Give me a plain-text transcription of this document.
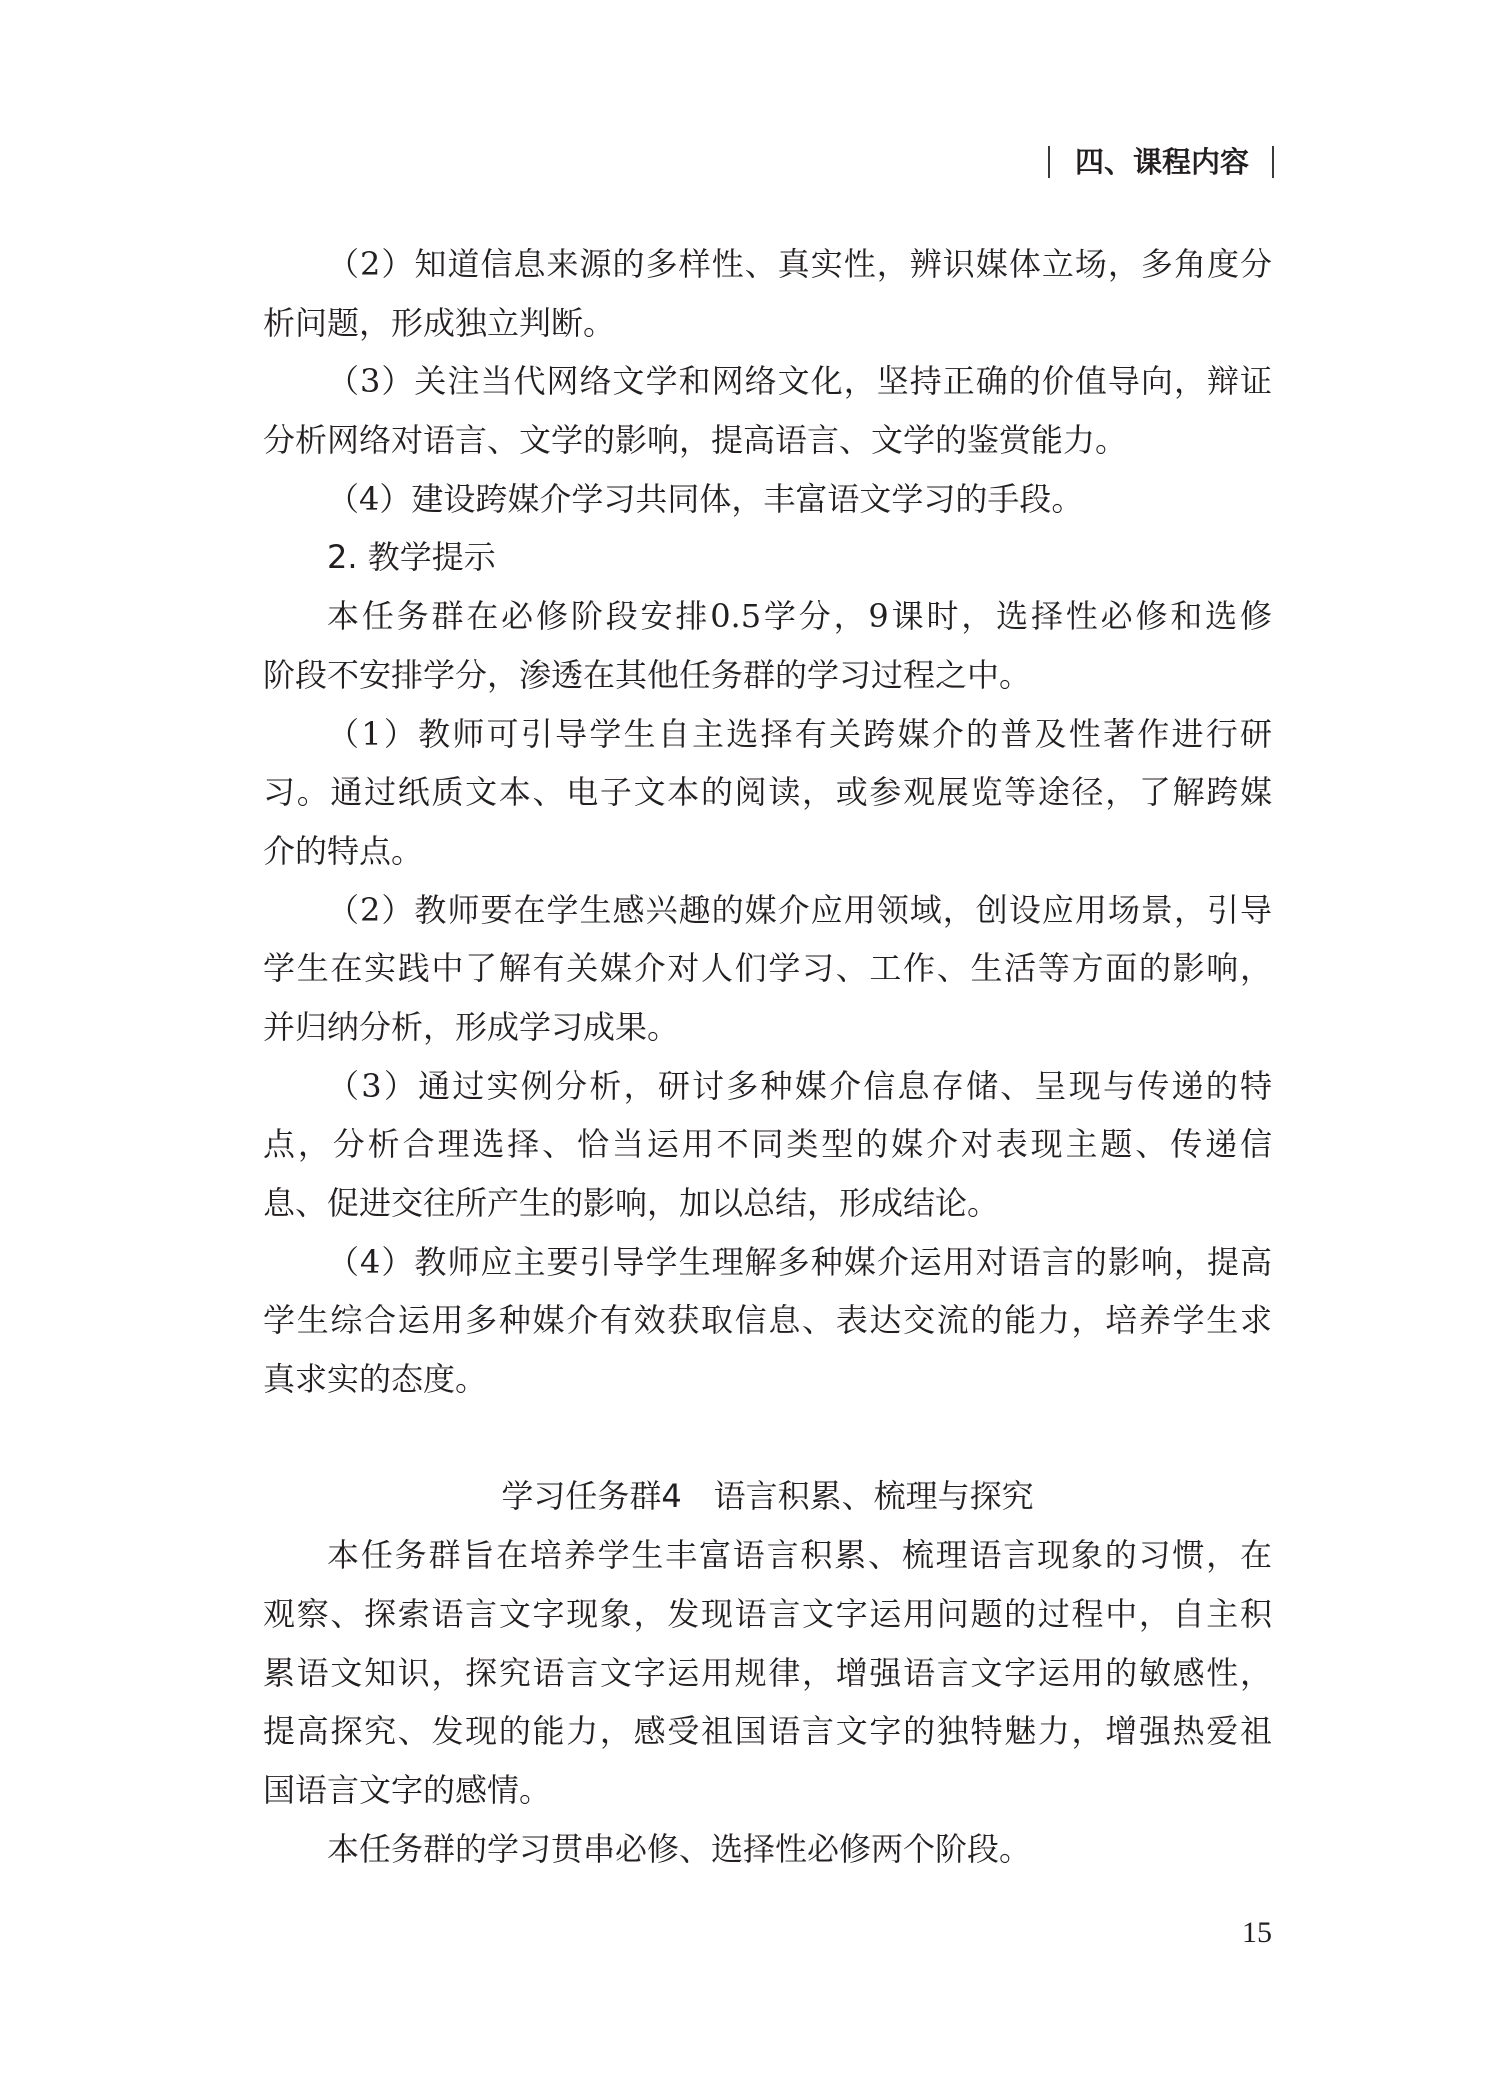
四、课程内容
（2）知道信息来源的多样性、真实性，辨识媒体立场，多角度分
析问题，形成独立判断。
（3）关注当代网络文学和网络文化，坚持正确的价值导向，辩证
分析网络对语言、文学的影响，提高语言、文学的鉴赏能力。
（4）建设跨媒介学习共同体，丰富语文学习的手段。
2. 教学提示
本任务群在必修阶段安排0.5学分，9课时，选择性必修和选修
阶段不安排学分，渗透在其他任务群的学习过程之中。
（1）教师可引导学生自主选择有关跨媒介的普及性著作进行研
习。通过纸质文本、电子文本的阅读，或参观展览等途径，了解跨媒
介的特点。
（2）教师要在学生感兴趣的媒介应用领域，创设应用场景，引导
学生在实践中了解有关媒介对人们学习、工作、生活等方面的影响，
并归纳分析，形成学习成果。
（3）通过实例分析，研讨多种媒介信息存储、呈现与传递的特
点，分析合理选择、恰当运用不同类型的媒介对表现主题、传递信
息、促进交往所产生的影响，加以总结，形成结论。
（4）教师应主要引导学生理解多种媒介运用对语言的影响，提高
学生综合运用多种媒介有效获取信息、表达交流的能力，培养学生求
真求实的态度。
学习任务群4　语言积累、梳理与探究
本任务群旨在培养学生丰富语言积累、梳理语言现象的习惯，在
观察、探索语言文字现象，发现语言文字运用问题的过程中，自主积
累语文知识，探究语言文字运用规律，增强语言文字运用的敏感性，
提高探究、发现的能力，感受祖国语言文字的独特魅力，增强热爱祖
国语言文字的感情。
本任务群的学习贯串必修、选择性必修两个阶段。
15
